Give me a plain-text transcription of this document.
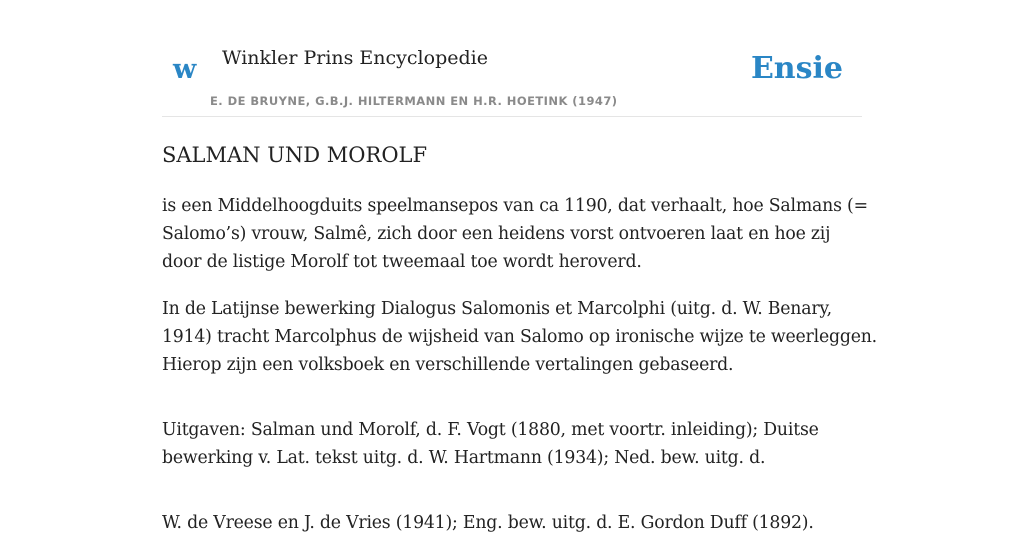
w Winkler Prins Encyclopedie
E. DE BRUYNE, G.B.J. HILTERMANN EN H.R. HOETINK (1947)
Ensie
SALMAN UND MOROLF

is een Middelhoogduits speelmansepos van ca 1190, dat verhaalt, hoe Salmans (=
Salomo’s) vrouw, Salmê, zich door een heidens vorst ontvoeren laat en hoe zij
door de listige Morolf tot tweemaal toe wordt heroverd.

In de Latijnse bewerking Dialogus Salomonis et Marcolphi (uitg. d. W. Benary,
1914) tracht Marcolphus de wijsheid van Salomo op ironische wijze te weerleggen.
Hierop zijn een volksboek en verschillende vertalingen gebaseerd.

Uitgaven: Salman und Morolf, d. F. Vogt (1880, met voortr. inleiding); Duitse
bewerking v. Lat. tekst uitg. d. W. Hartmann (1934); Ned. bew. uitg. d.

W. de Vreese en J. de Vries (1941); Eng. bew. uitg. d. E. Gordon Duff (1892).
